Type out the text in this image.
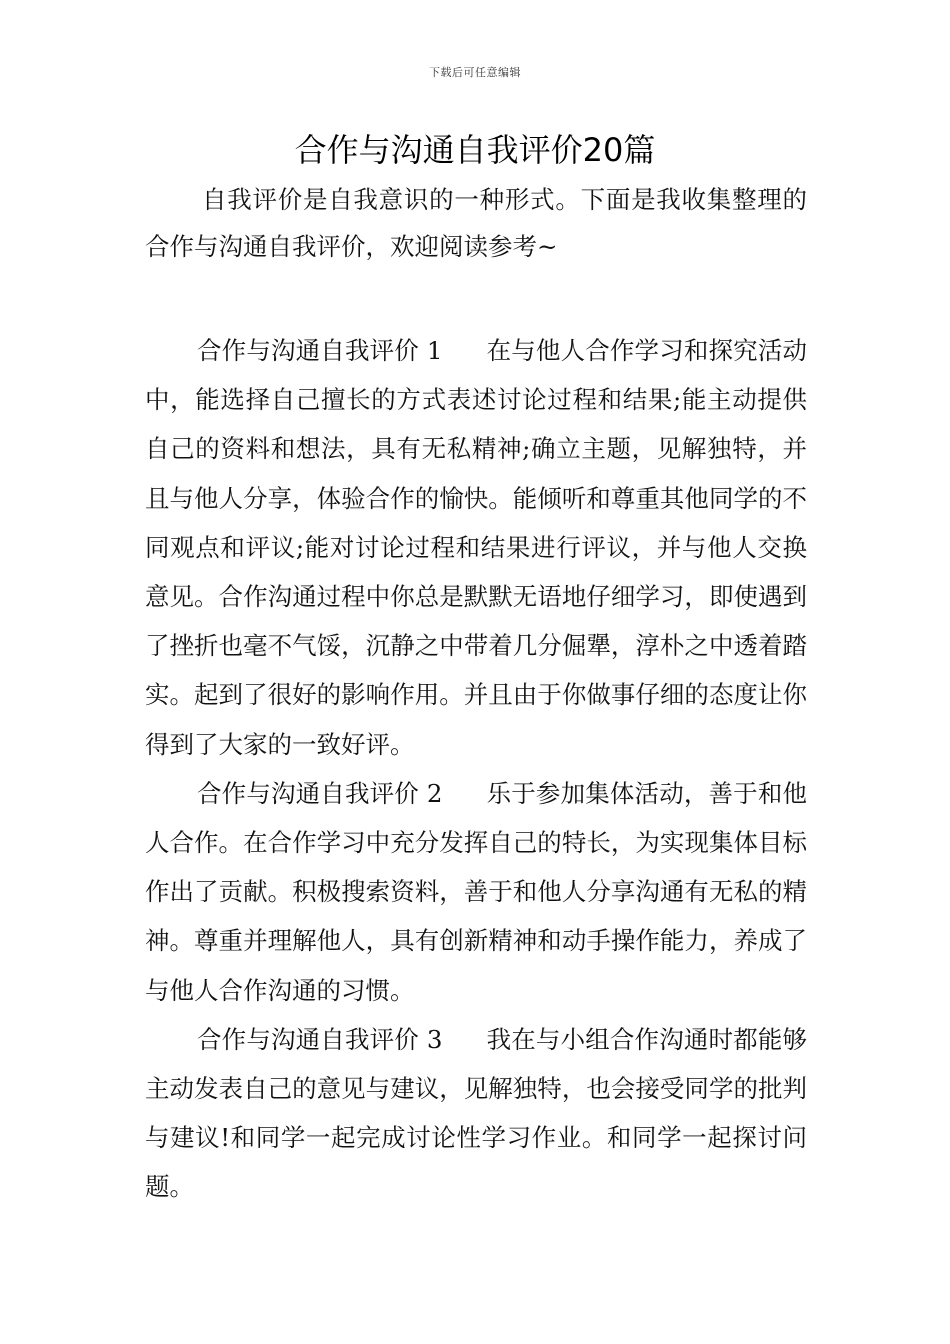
下载后可任意编辑
合作与沟通自我评价20篇
自我评价是自我意识的一种形式。下面是我收集整理的合作与沟通自我评价，欢迎阅读参考~

合作与沟通自我评价 1 在与他人合作学习和探究活动中，能选择自己擅长的方式表述讨论过程和结果;能主动提供自己的资料和想法，具有无私精神;确立主题，见解独特，并且与他人分享，体验合作的愉快。能倾听和尊重其他同学的不同观点和评议;能对讨论过程和结果进行评议，并与他人交换意见。合作沟通过程中你总是默默无语地仔细学习，即使遇到了挫折也毫不气馁，沉静之中带着几分倔犟，淳朴之中透着踏实。起到了很好的影响作用。并且由于你做事仔细的态度让你得到了大家的一致好评。

合作与沟通自我评价 2 乐于参加集体活动，善于和他人合作。在合作学习中充分发挥自己的特长，为实现集体目标作出了贡献。积极搜索资料，善于和他人分享沟通有无私的精神。尊重并理解他人，具有创新精神和动手操作能力，养成了与他人合作沟通的习惯。

合作与沟通自我评价 3 我在与小组合作沟通时都能够主动发表自己的意见与建议，见解独特，也会接受同学的批判与建议!和同学一起完成讨论性学习作业。和同学一起探讨问题。
